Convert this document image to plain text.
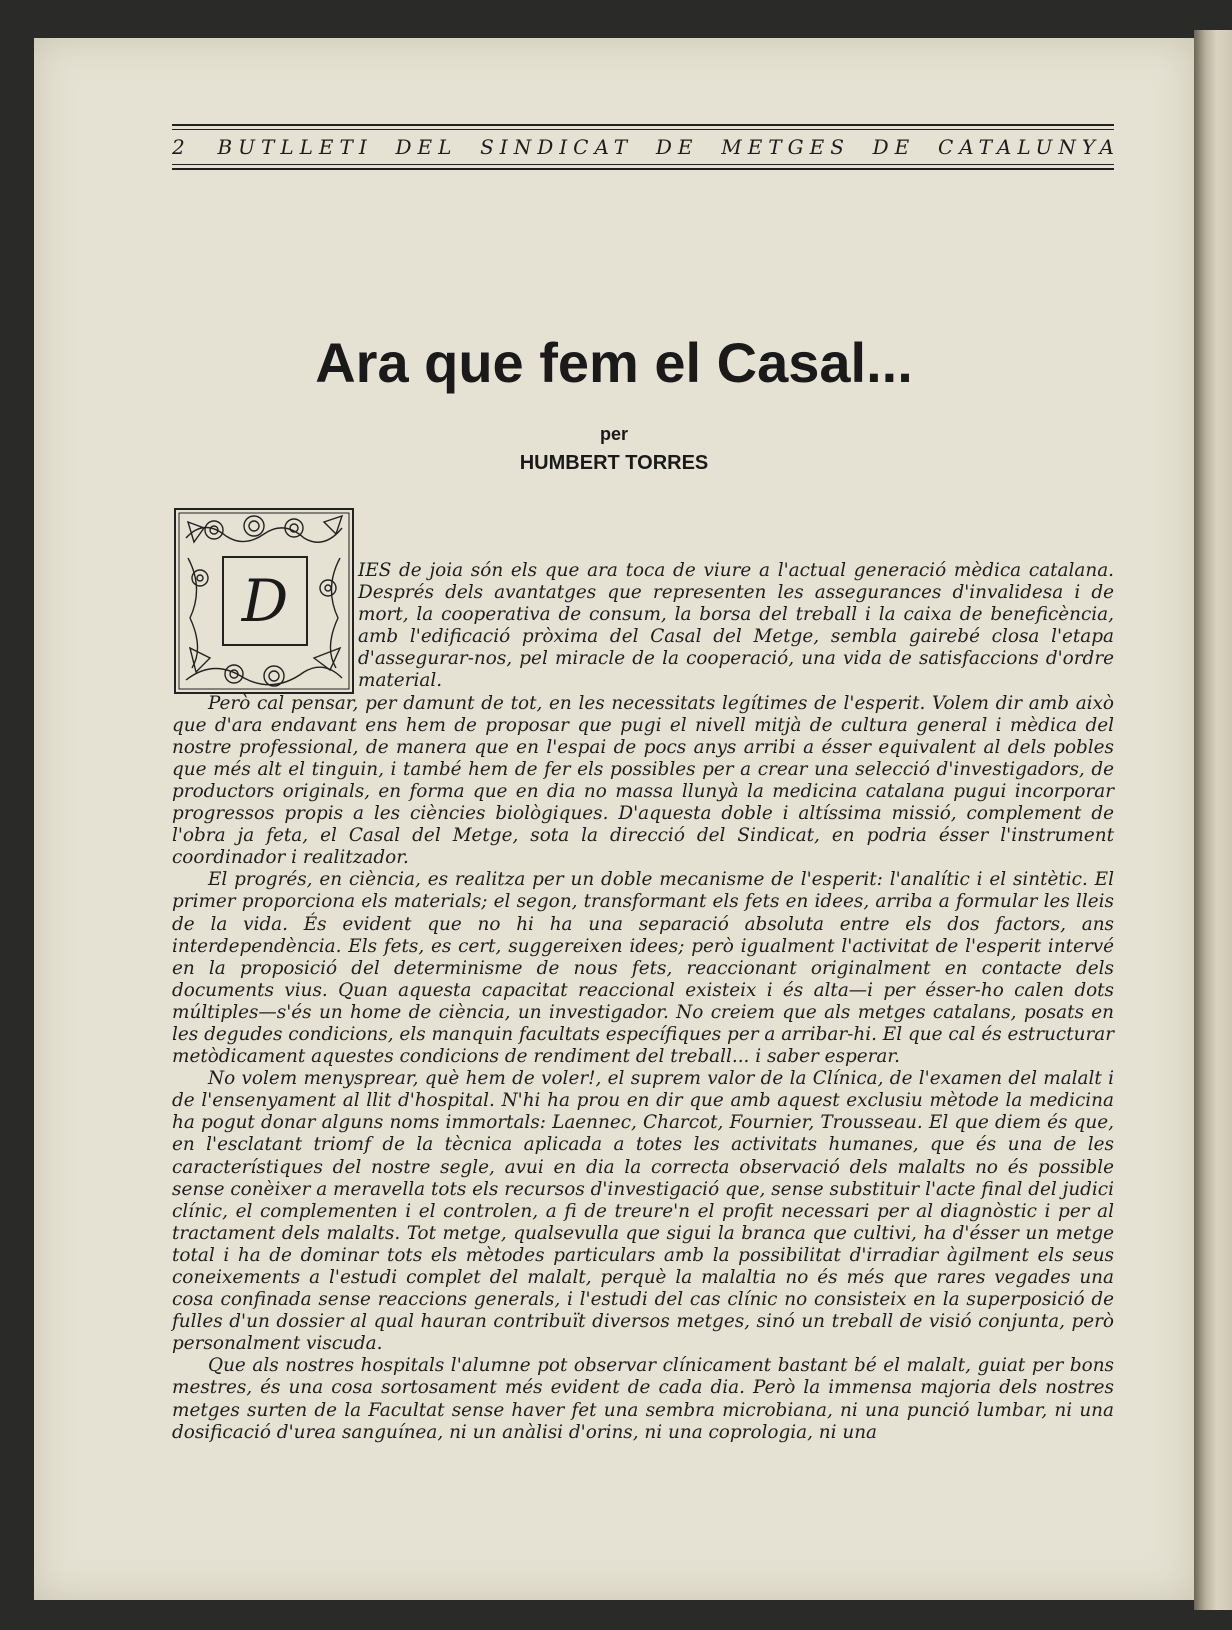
2 BUTLLETI DEL SINDICAT DE METGES DE CATALUNYA
Ara que fem el Casal...
per
HUMBERT TORRES
D	IES de joia són els que ara toca de viure a l'actual generació mèdica catalana. Després dels avantatges que representen les assegurances d'invalidesa i de mort, la cooperativa de consum, la borsa del treball i la caixa de beneficència, amb l'edificació pròxima del Casal del Metge, sembla gairebé closa l'etapa d'assegurar-nos, pel miracle de la cooperació, una vida de satisfaccions d'ordre material.

Però cal pensar, per damunt de tot, en les necessitats legítimes de l'esperit. Volem dir amb això que d'ara endavant ens hem de proposar que pugi el nivell mitjà de cultura general i mèdica del nostre professional, de manera que en l'espai de pocs anys arribi a ésser equivalent al dels pobles que més alt el tinguin, i també hem de fer els possibles per a crear una selecció d'investigadors, de productors originals, en forma que en dia no massa llunyà la medicina catalana pugui incorporar progressos propis a les ciències biològiques. D'aquesta doble i altíssima missió, complement de l'obra ja feta, el Casal del Metge, sota la direcció del Sindicat, en podria ésser l'instrument coordinador i realitzador.

El progrés, en ciència, es realitza per un doble mecanisme de l'esperit: l'analític i el sintètic. El primer proporciona els materials; el segon, transformant els fets en idees, arriba a formular les lleis de la vida. És evident que no hi ha una separació absoluta entre els dos factors, ans interdependència. Els fets, es cert, suggereixen idees; però igualment l'activitat de l'esperit intervé en la proposició del determinisme de nous fets, reaccionant originalment en contacte dels documents vius. Quan aquesta capacitat reaccional existeix i és alta—i per ésser-ho calen dots múltiples—s'és un home de ciència, un investigador. No creiem que als metges catalans, posats en les degudes condicions, els manquin facultats específiques per a arribar-hi. El que cal és estructurar metòdicament aquestes condicions de rendiment del treball... i saber esperar.

No volem menysprear, què hem de voler!, el suprem valor de la Clínica, de l'examen del malalt i de l'ensenyament al llit d'hospital. N'hi ha prou en dir que amb aquest exclusiu mètode la medicina ha pogut donar alguns noms immortals: Laennec, Charcot, Fournier, Trousseau. El que diem és que, en l'esclatant triomf de la tècnica aplicada a totes les activitats humanes, que és una de les característiques del nostre segle, avui en dia la correcta observació dels malalts no és possible sense conèixer a meravella tots els recursos d'investigació que, sense substituir l'acte final del judici clínic, el complementen i el controlen, a fi de treure'n el profit necessari per al diagnòstic i per al tractament dels malalts. Tot metge, qualsevulla que sigui la branca que cultivi, ha d'ésser un metge total i ha de dominar tots els mètodes particulars amb la possibilitat d'irradiar àgilment els seus coneixements a l'estudi complet del malalt, perquè la malaltia no és més que rares vegades una cosa confinada sense reaccions generals, i l'estudi del cas clínic no consisteix en la superposició de fulles d'un dossier al qual hauran contribuït diversos metges, sinó un treball de visió conjunta, però personalment viscuda.

Que als nostres hospitals l'alumne pot observar clínicament bastant bé el malalt, guiat per bons mestres, és una cosa sortosament més evident de cada dia. Però la immensa majoria dels nostres metges surten de la Facultat sense haver fet una sembra microbiana, ni una punció lumbar, ni una dosificació d'urea sanguínea, ni un anàlisi d'orins, ni una coprologia, ni una
